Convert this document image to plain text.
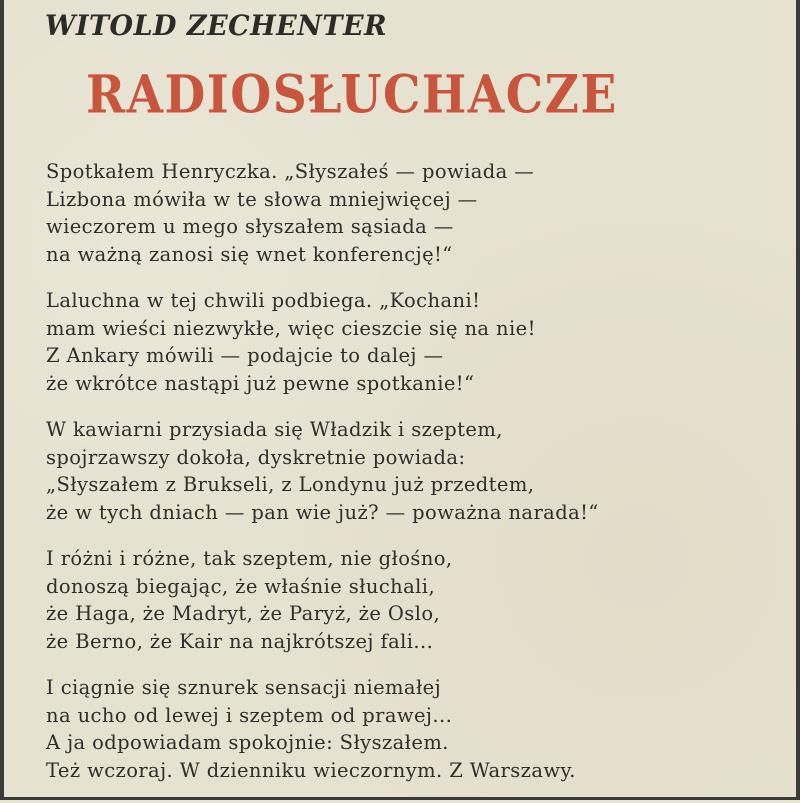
WITOLD ZECHENTER
RADIOSŁUCHACZE
Spotkałem Henryczka. „Słyszałeś — powiada —
Lizbona mówiła w te słowa mniejwięcej —
wieczorem u mego słyszałem sąsiada —
na ważną zanosi się wnet konferencję!“
Laluchna w tej chwili podbiega. „Kochani!
mam wieści niezwykłe, więc cieszcie się na nie!
Z Ankary mówili — podajcie to dalej —
że wkrótce nastąpi już pewne spotkanie!“
W kawiarni przysiada się Władzik i szeptem,
spojrzawszy dokoła, dyskretnie powiada:
„Słyszałem z Brukseli, z Londynu już przedtem,
że w tych dniach — pan wie już? — poważna narada!“
I różni i różne, tak szeptem, nie głośno,
donoszą biegając, że właśnie słuchali,
że Haga, że Madryt, że Paryż, że Oslo,
że Berno, że Kair na najkrótszej fali...
I ciągnie się sznurek sensacji niemałej
na ucho od lewej i szeptem od prawej...
A ja odpowiadam spokojnie: Słyszałem.
Też wczoraj. W dzienniku wieczornym. Z Warszawy.
